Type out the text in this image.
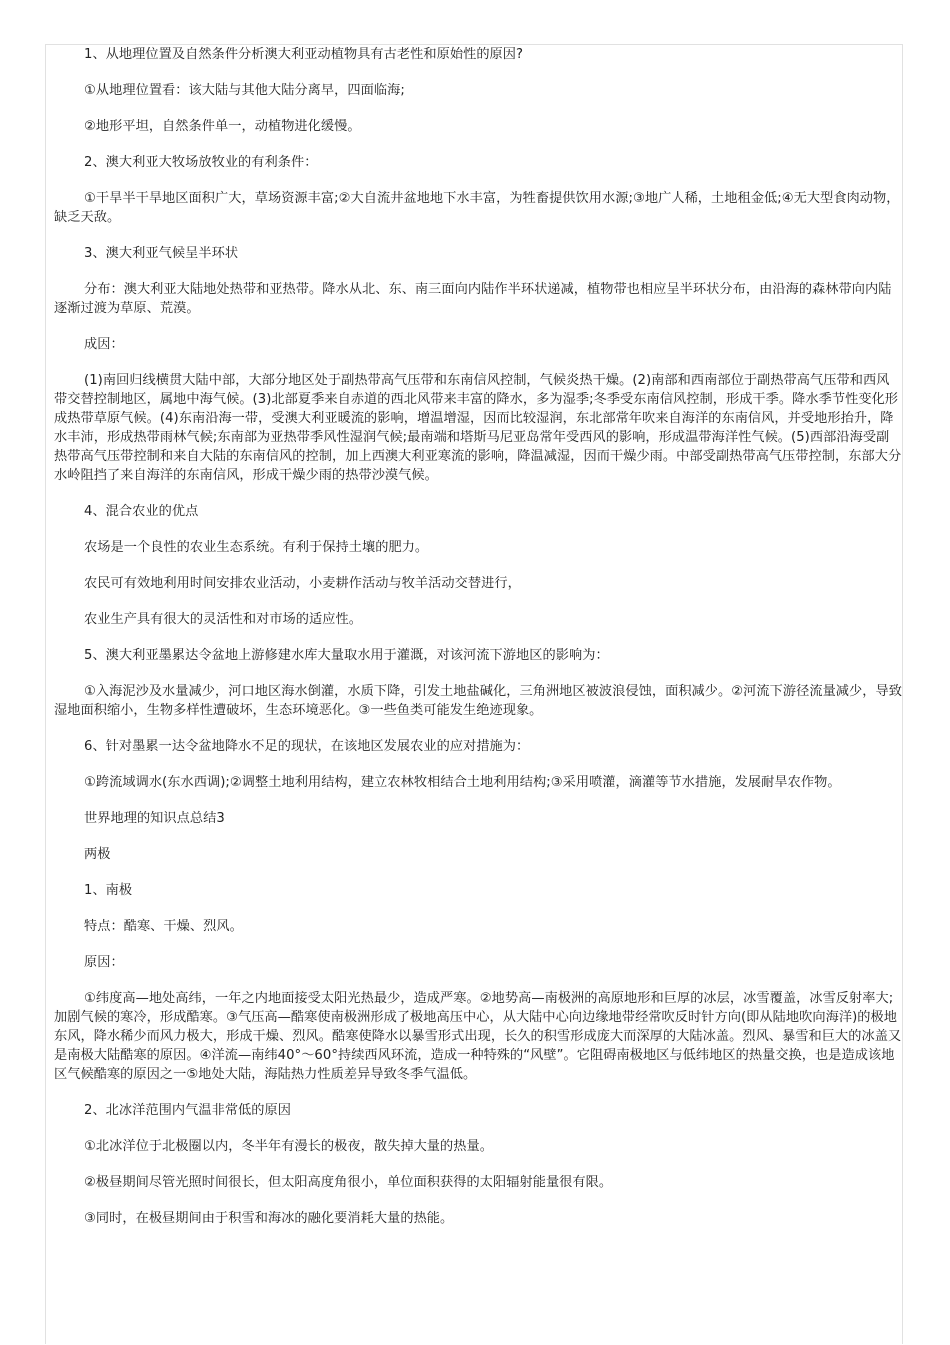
1、从地理位置及自然条件分析澳大利亚动植物具有古老性和原始性的原因?

①从地理位置看：该大陆与其他大陆分离早，四面临海;

②地形平坦，自然条件单一，动植物进化缓慢。

2、澳大利亚大牧场放牧业的有利条件：

①干旱半干旱地区面积广大，草场资源丰富;②大自流井盆地地下水丰富，为牲畜提供饮用水源;③地广人稀，土地租金低;④无大型食肉动物，缺乏天敌。

3、澳大利亚气候呈半环状

分布：澳大利亚大陆地处热带和亚热带。降水从北、东、南三面向内陆作半环状递减，植物带也相应呈半环状分布，由沿海的森林带向内陆逐渐过渡为草原、荒漠。

成因：

(1)南回归线横贯大陆中部，大部分地区处于副热带高气压带和东南信风控制，气候炎热干燥。(2)南部和西南部位于副热带高气压带和西风带交替控制地区，属地中海气候。(3)北部夏季来自赤道的西北风带来丰富的降水，多为湿季;冬季受东南信风控制，形成干季。降水季节性变化形成热带草原气候。(4)东南沿海一带，受澳大利亚暖流的影响，增温增湿，因而比较湿润，东北部常年吹来自海洋的东南信风，并受地形抬升，降水丰沛，形成热带雨林气候;东南部为亚热带季风性湿润气候;最南端和塔斯马尼亚岛常年受西风的影响，形成温带海洋性气候。(5)西部沿海受副热带高气压带控制和来自大陆的东南信风的控制，加上西澳大利亚寒流的影响，降温减湿，因而干燥少雨。中部受副热带高气压带控制，东部大分水岭阻挡了来自海洋的东南信风，形成干燥少雨的热带沙漠气候。

4、混合农业的优点

农场是一个良性的农业生态系统。有利于保持土壤的肥力。

农民可有效地利用时间安排农业活动，小麦耕作活动与牧羊活动交替进行，

农业生产具有很大的灵活性和对市场的适应性。

5、澳大利亚墨累达令盆地上游修建水库大量取水用于灌溉，对该河流下游地区的影响为：

①入海泥沙及水量减少，河口地区海水倒灌，水质下降，引发土地盐碱化，三角洲地区被波浪侵蚀，面积减少。②河流下游径流量减少，导致湿地面积缩小，生物多样性遭破坏，生态环境恶化。③一些鱼类可能发生绝迹现象。

6、针对墨累一达令盆地降水不足的现状，在该地区发展农业的应对措施为：

①跨流域调水(东水西调);②调整土地利用结构，建立农林牧相结合土地利用结构;③采用喷灌，滴灌等节水措施，发展耐旱农作物。

世界地理的知识点总结3

两极

1、南极

特点：酷寒、干燥、烈风。

原因：

①纬度高—地处高纬，一年之内地面接受太阳光热最少，造成严寒。②地势高—南极洲的高原地形和巨厚的冰层，冰雪覆盖，冰雪反射率大;加剧气候的寒冷，形成酷寒。③气压高—酷寒使南极洲形成了极地高压中心，从大陆中心向边缘地带经常吹反时针方向(即从陆地吹向海洋)的极地东风，降水稀少而风力极大，形成干燥、烈风。酷寒使降水以暴雪形式出现，长久的积雪形成庞大而深厚的大陆冰盖。烈风、暴雪和巨大的冰盖又是南极大陆酷寒的原因。④洋流—南纬40°～60°持续西风环流，造成一种特殊的“风壁”。它阻碍南极地区与低纬地区的热量交换，也是造成该地区气候酷寒的原因之一⑤地处大陆，海陆热力性质差异导致冬季气温低。

2、北冰洋范围内气温非常低的原因

①北冰洋位于北极圈以内，冬半年有漫长的极夜，散失掉大量的热量。

②极昼期间尽管光照时间很长，但太阳高度角很小，单位面积获得的太阳辐射能量很有限。

③同时，在极昼期间由于积雪和海冰的融化要消耗大量的热能。
